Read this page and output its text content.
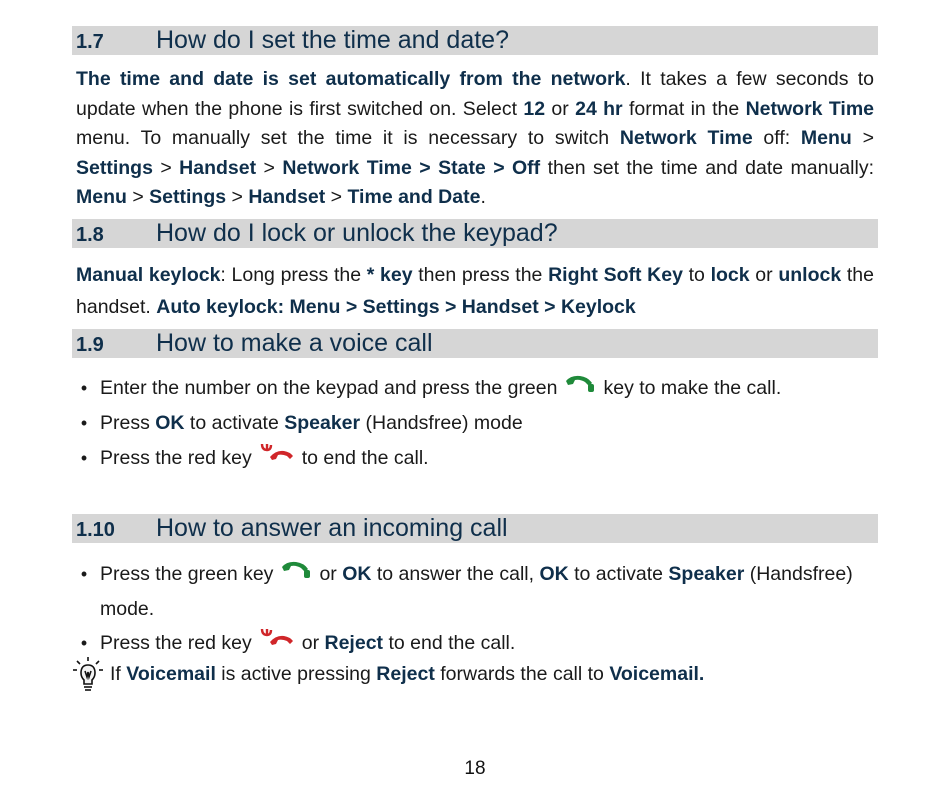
1.7	How do I set the time and date?
The time and date is set automatically from the network. It takes a few seconds to update when the phone is first switched on. Select 12 or 24 hr format in the Network Time menu. To manually set the time it is necessary to switch Network Time off: Menu > Settings > Handset > Network Time > State > Off then set the time and date manually: Menu > Settings > Handset > Time and Date.
1.8	How do I lock or unlock the keypad?
Manual keylock: Long press the * key then press the Right Soft Key to lock or unlock the handset. Auto keylock: Menu > Settings > Handset > Keylock
1.9	How to make a voice call
• Enter the number on the keypad and press the green key to make the call.
• Press OK to activate Speaker (Handsfree) mode
• Press the red key	to end the call.
1.10	How to answer an incoming call
• Press the green key or OK to answer the call, OK to activate Speaker (Handsfree)
mode.
• Press the red key	or Reject to end the call.
If Voicemail is active pressing Reject forwards the call to Voicemail.
18
